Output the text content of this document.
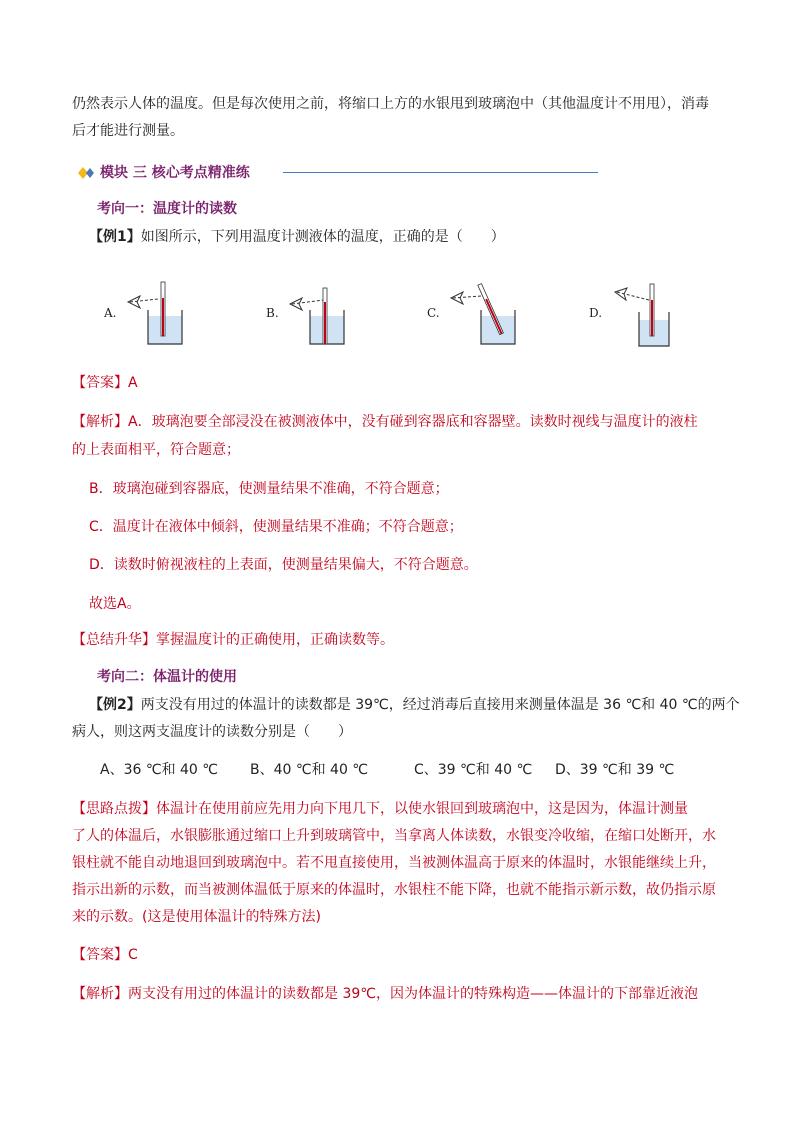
仍然表示人体的温度。但是每次使用之前，将缩口上方的水银甩到玻璃泡中（其他温度计不用甩），消毒
后才能进行测量。
模块 三 核心考点精准练
考向一：温度计的读数
【例1】如图所示，下列用温度计测液体的温度，正确的是（　　）
A.	B.	C.	D.
【答案】A
【解析】A．玻璃泡要全部浸没在被测液体中，没有碰到容器底和容器壁。读数时视线与温度计的液柱
的上表面相平，符合题意；
B．玻璃泡碰到容器底，使测量结果不准确，不符合题意；
C．温度计在液体中倾斜，使测量结果不准确；不符合题意；
D．读数时俯视液柱的上表面，使测量结果偏大，不符合题意。
故选A。
【总结升华】掌握温度计的正确使用，正确读数等。
考向二：体温计的使用
【例2】两支没有用过的体温计的读数都是 39℃，经过消毒后直接用来测量体温是 36 ℃和 40 ℃的两个
病人，则这两支温度计的读数分别是（　　）
A、36 ℃和 40 ℃ B、40 ℃和 40 ℃	C、39 ℃和 40 ℃ D、39 ℃和 39 ℃
【思路点拨】体温计在使用前应先用力向下甩几下，以使水银回到玻璃泡中，这是因为，体温计测量
了人的体温后，水银膨胀通过缩口上升到玻璃管中，当拿离人体读数，水银变冷收缩，在缩口处断开，水
银柱就不能自动地退回到玻璃泡中。若不甩直接使用，当被测体温高于原来的体温时，水银能继续上升，
指示出新的示数，而当被测体温低于原来的体温时，水银柱不能下降，也就不能指示新示数，故仍指示原
来的示数。(这是使用体温计的特殊方法)
【答案】C
【解析】两支没有用过的体温计的读数都是 39℃，因为体温计的特殊构造——体温计的下部靠近液泡
